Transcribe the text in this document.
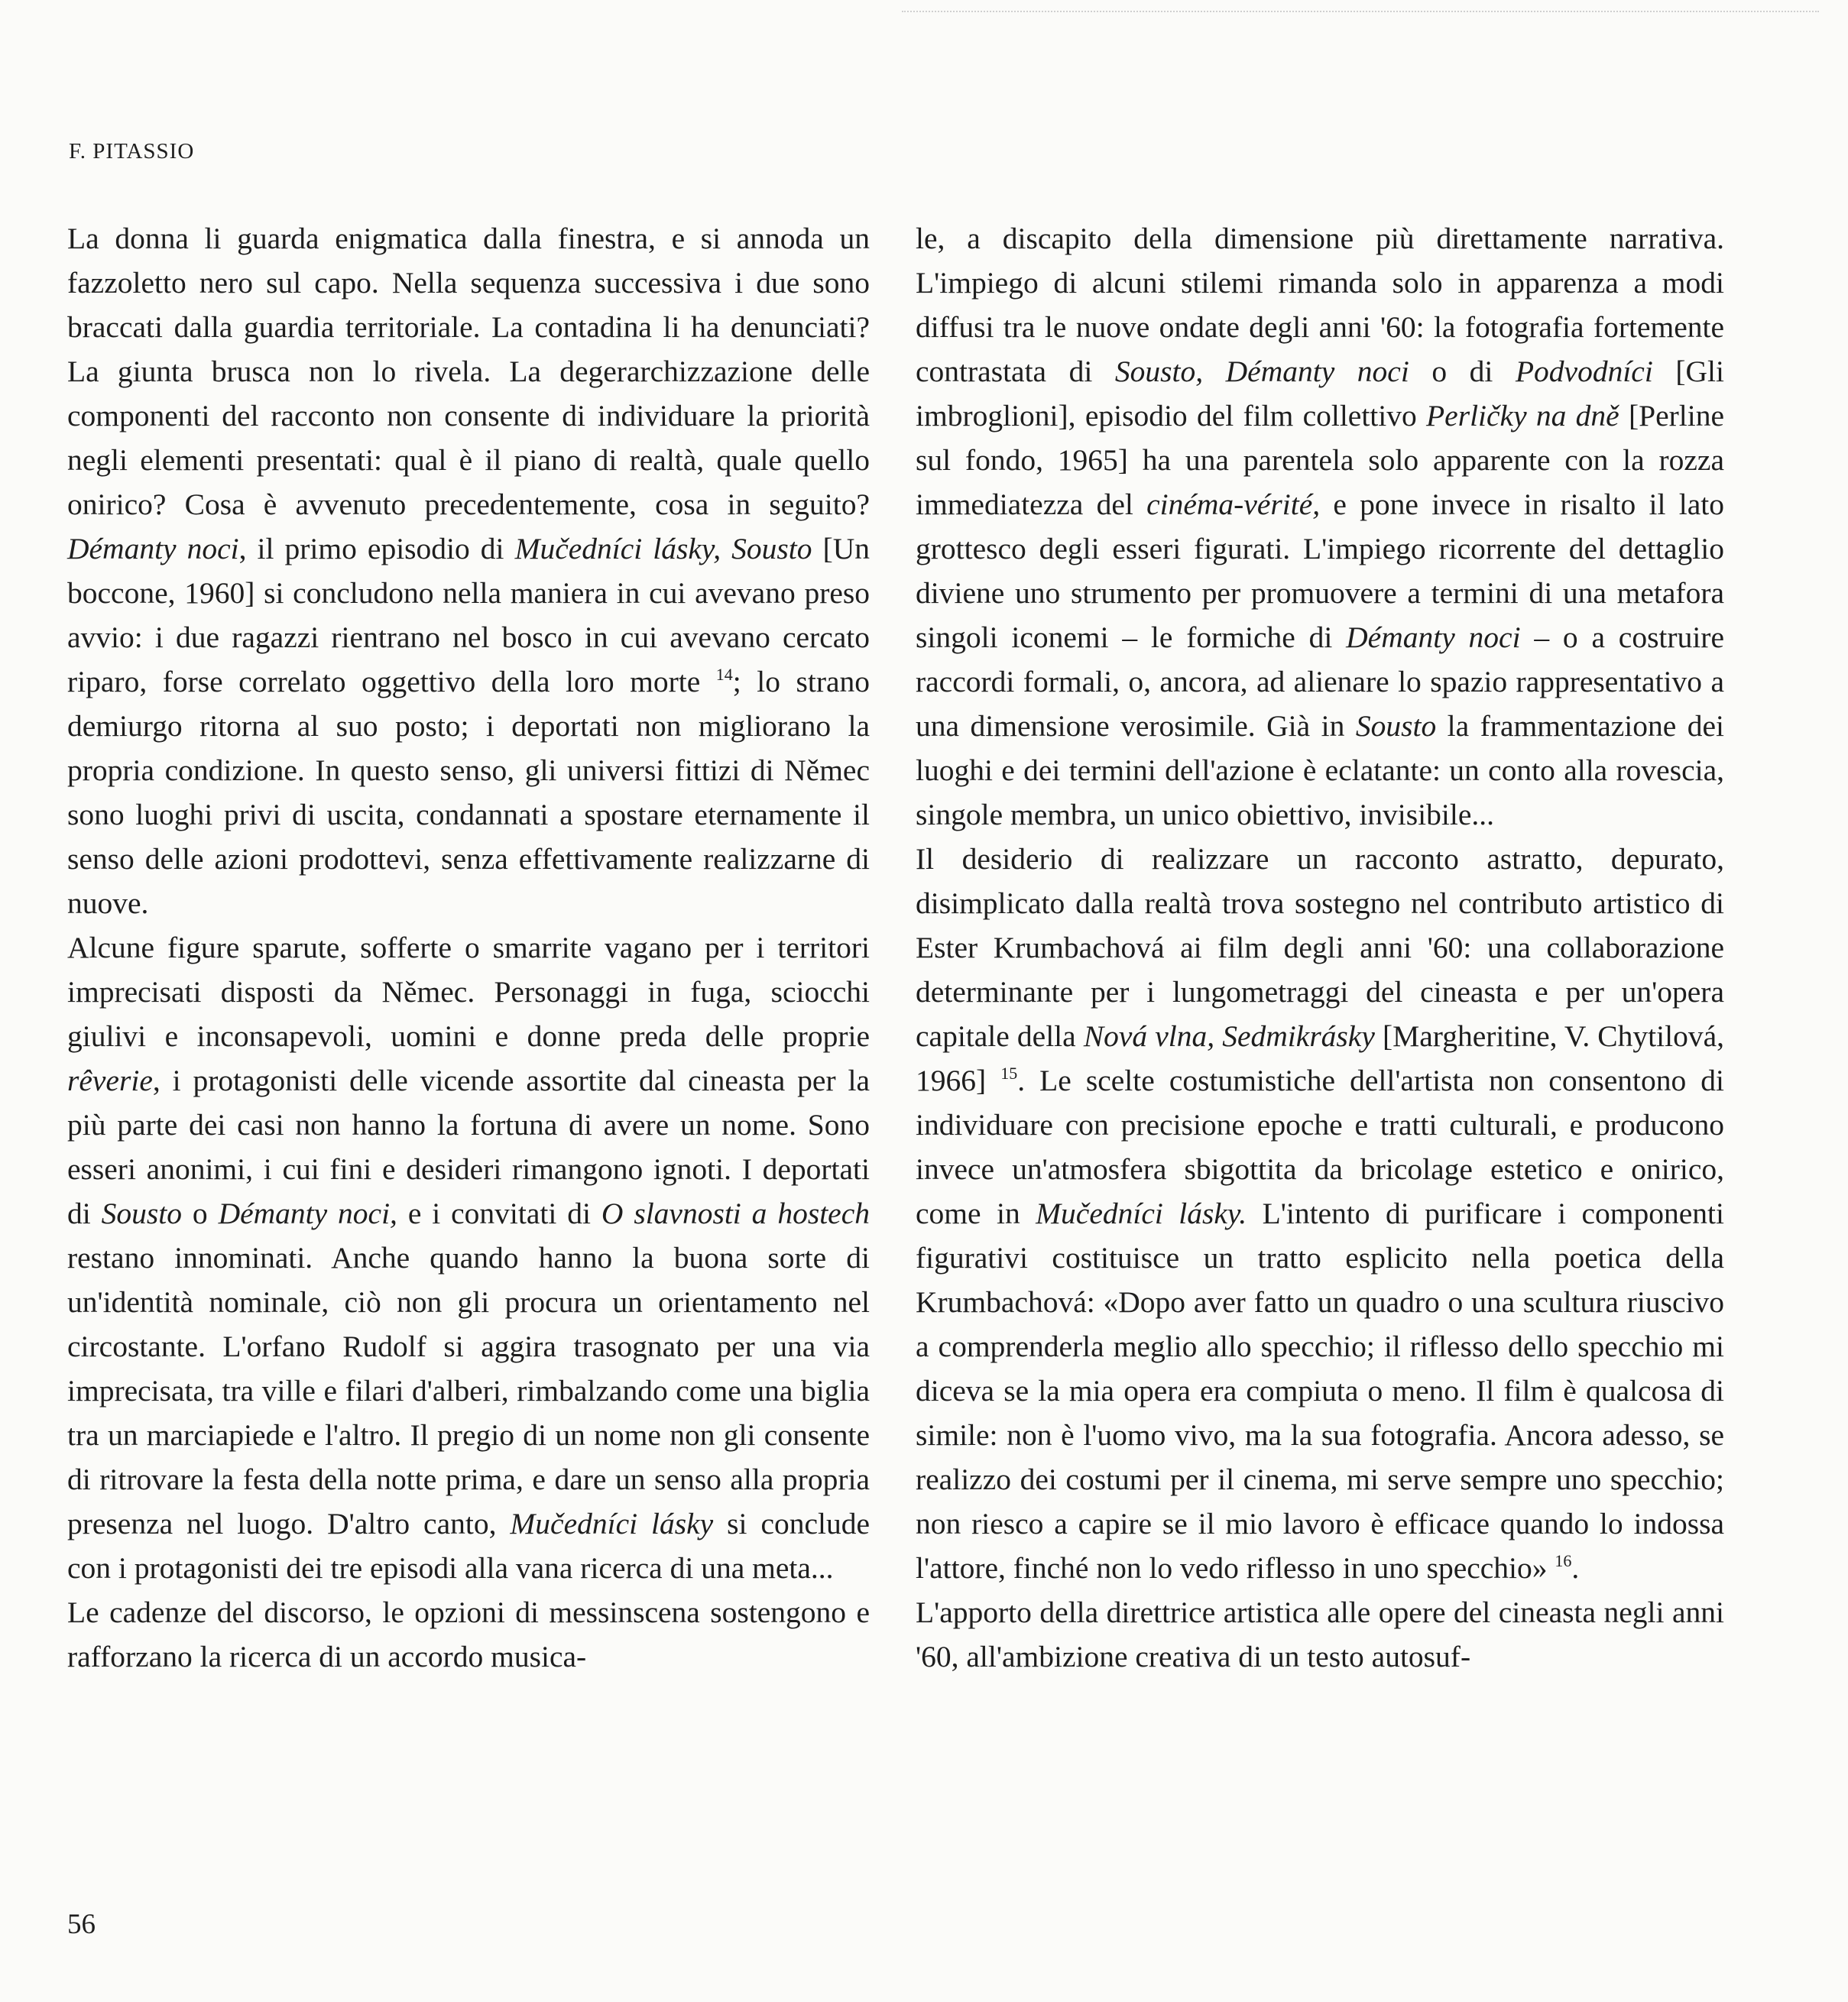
F. PITASSIO

La donna li guarda enigmatica dalla finestra, e si annoda un fazzoletto nero sul capo. Nella sequenza successiva i due sono braccati dalla guardia territoriale. La contadina li ha denunciati? La giunta brusca non lo rivela. La degerarchizzazione delle componenti del racconto non consente di individuare la priorità negli elementi presentati: qual è il piano di realtà, quale quello onirico? Cosa è avvenuto precedentemente, cosa in seguito? Démanty noci, il primo episodio di Mučedníci lásky, Sousto [Un boccone, 1960] si concludono nella maniera in cui avevano preso avvio: i due ragazzi rientrano nel bosco in cui avevano cercato riparo, forse correlato oggettivo della loro morte $^{14}$; lo strano demiurgo ritorna al suo posto; i deportati non migliorano la propria condizione. In questo senso, gli universi fittizi di Němec sono luoghi privi di uscita, condannati a spostare eternamente il senso delle azioni prodottevi, senza effettivamente realizzarne di nuove.

Alcune figure sparute, sofferte o smarrite vagano per i territori imprecisati disposti da Němec. Personaggi in fuga, sciocchi giulivi e inconsapevoli, uomini e donne preda delle proprie rêverie, i protagonisti delle vicende assortite dal cineasta per la più parte dei casi non hanno la fortuna di avere un nome. Sono esseri anonimi, i cui fini e desideri rimangono ignoti. I deportati di Sousto o Démanty noci, e i convitati di O slavnosti a hostech restano innominati. Anche quando hanno la buona sorte di un'identità nominale, ciò non gli procura un orientamento nel circostante. L'orfano Rudolf si aggira trasognato per una via imprecisata, tra ville e filari d'alberi, rimbalzando come una biglia tra un marciapiede e l'altro. Il pregio di un nome non gli consente di ritrovare la festa della notte prima, e dare un senso alla propria presenza nel luogo. D'altro canto, Mučedníci lásky si conclude con i protagonisti dei tre episodi alla vana ricerca di una meta...

Le cadenze del discorso, le opzioni di messinscena sostengono e rafforzano la ricerca di un accordo musica-

le, a discapito della dimensione più direttamente narrativa. L'impiego di alcuni stilemi rimanda solo in apparenza a modi diffusi tra le nuove ondate degli anni '60: la fotografia fortemente contrastata di Sousto, Démanty noci o di Podvodníci [Gli imbroglioni], episodio del film collettivo Perličky na dně [Perline sul fondo, 1965] ha una parentela solo apparente con la rozza immediatezza del cinéma-vérité, e pone invece in risalto il lato grottesco degli esseri figurati. L'impiego ricorrente del dettaglio diviene uno strumento per promuovere a termini di una metafora singoli iconemi – le formiche di Démanty noci – o a costruire raccordi formali, o, ancora, ad alienare lo spazio rappresentativo a una dimensione verosimile. Già in Sousto la frammentazione dei luoghi e dei termini dell'azione è eclatante: un conto alla rovescia, singole membra, un unico obiettivo, invisibile...

Il desiderio di realizzare un racconto astratto, depurato, disimplicato dalla realtà trova sostegno nel contributo artistico di Ester Krumbachová ai film degli anni '60: una collaborazione determinante per i lungometraggi del cineasta e per un'opera capitale della Nová vlna, Sedmikrásky [Margheritine, V. Chytilová, 1966] $^{15}$. Le scelte costumistiche dell'artista non consentono di individuare con precisione epoche e tratti culturali, e producono invece un'atmosfera sbigottita da bricolage estetico e onirico, come in Mučedníci lásky. L'intento di purificare i componenti figurativi costituisce un tratto esplicito nella poetica della Krumbachová: «Dopo aver fatto un quadro o una scultura riuscivo a comprenderla meglio allo specchio; il riflesso dello specchio mi diceva se la mia opera era compiuta o meno. Il film è qualcosa di simile: non è l'uomo vivo, ma la sua fotografia. Ancora adesso, se realizzo dei costumi per il cinema, mi serve sempre uno specchio; non riesco a capire se il mio lavoro è efficace quando lo indossa l'attore, finché non lo vedo riflesso in uno specchio» $^{16}$.

L'apporto della direttrice artistica alle opere del cineasta negli anni '60, all'ambizione creativa di un testo autosuf-

56
